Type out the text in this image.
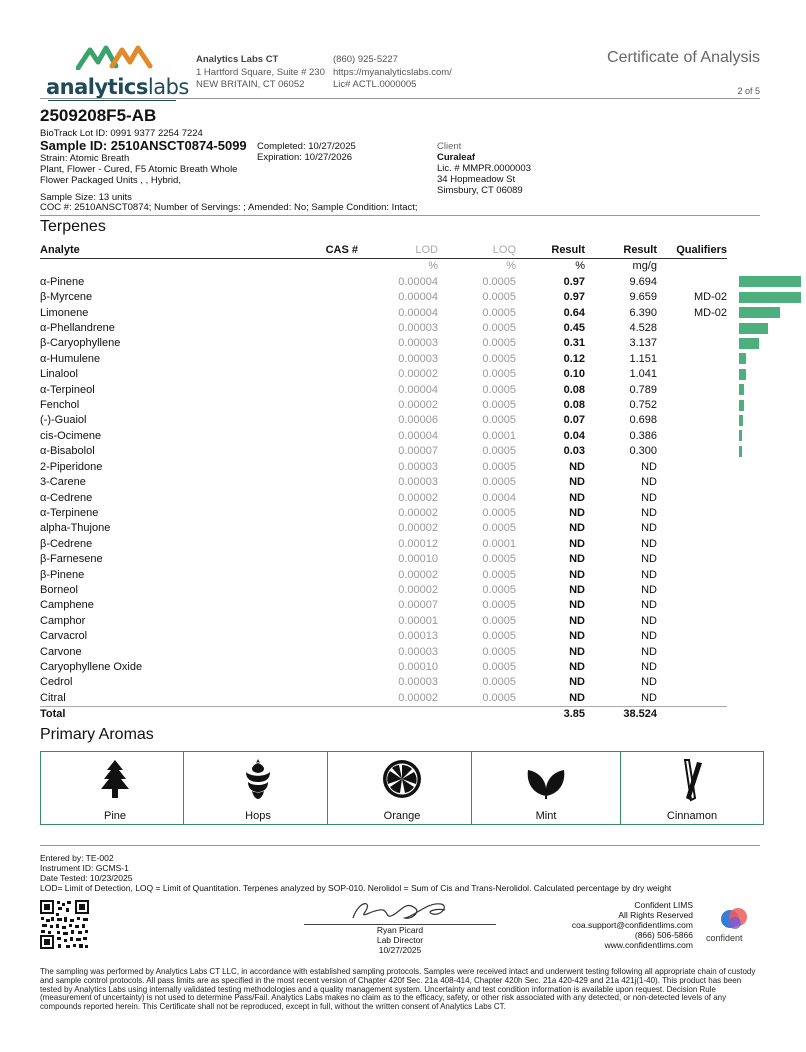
analyticslabs
Analytics Labs CT
1 Hartford Square, Suite # 230
NEW BRITAIN, CT 06052
(860) 925-5227
https://myanalyticslabs.com/
Lic# ACTL.0000005
Certificate of Analysis
2 of 5
2509208F5-AB
BioTrack Lot ID: 0991 9377 2254 7224
Sample ID: 2510ANSCT0874-5099
Strain: Atomic Breath
Plant, Flower - Cured, F5 Atomic Breath Whole
Flower Packaged Units , , Hybrid,
Completed: 10/27/2025
Expiration: 10/27/2026
Client
Curaleaf
Lic. # MMPR.0000003
34 Hopmeadow St
Simsbury, CT 06089
Sample Size: 13 units
COC #: 2510ANSCT0874; Number of Servings: ; Amended: No; Sample Condition: Intact;
Terpenes
Analyte	CAS #	LOD	LOQ	Result	Result	Qualifiers	
		%	%	%	mg/g		
α-Pinene		0.00004	0.0005	0.97	9.694		
β-Myrcene		0.00004	0.0005	0.97	9.659	MD-02	
Limonene		0.00004	0.0005	0.64	6.390	MD-02	
α-Phellandrene		0.00003	0.0005	0.45	4.528		
β-Caryophyllene		0.00003	0.0005	0.31	3.137		
α-Humulene		0.00003	0.0005	0.12	1.151		
Linalool		0.00002	0.0005	0.10	1.041		
α-Terpineol		0.00004	0.0005	0.08	0.789		
Fenchol		0.00002	0.0005	0.08	0.752		
(-)-Guaiol		0.00006	0.0005	0.07	0.698		
cis-Ocimene		0.00004	0.0001	0.04	0.386		
α-Bisabolol		0.00007	0.0005	0.03	0.300		
2-Piperidone		0.00003	0.0005	ND	ND		
3-Carene		0.00003	0.0005	ND	ND		
α-Cedrene		0.00002	0.0004	ND	ND		
α-Terpinene		0.00002	0.0005	ND	ND		
alpha-Thujone		0.00002	0.0005	ND	ND		
β-Cedrene		0.00012	0.0001	ND	ND		
β-Farnesene		0.00010	0.0005	ND	ND		
β-Pinene		0.00002	0.0005	ND	ND		
Borneol		0.00002	0.0005	ND	ND		
Camphene		0.00007	0.0005	ND	ND		
Camphor		0.00001	0.0005	ND	ND		
Carvacrol		0.00013	0.0005	ND	ND		
Carvone		0.00003	0.0005	ND	ND		
Caryophyllene Oxide		0.00010	0.0005	ND	ND		
Cedrol		0.00003	0.0005	ND	ND		
Citral		0.00002	0.0005	ND	ND		
Total				3.85	38.524		
Primary Aromas
Pine	Hops	Orange	Mint	Cinnamon
Entered by: TE-002
Instrument ID: GCMS-1
Date Tested: 10/23/2025
LOD= Limit of Detection, LOQ = Limit of Quantitation. Terpenes analyzed by SOP-010. Nerolidol = Sum of Cis and Trans-Nerolidol. Calculated percentage by dry weight
Ryan Picard
Lab Director
10/27/2025
Confident LIMS
All Rights Reserved
coa.support@confidentlims.com
(866) 506-5866
www.confidentlims.com
confident
The sampling was performed by Analytics Labs CT LLC, in accordance with established sampling protocols. Samples were received intact and underwent testing following all appropriate chain of custody and sample control protocols. All pass limits are as specified in the most recent version of Chapter 420f Sec. 21a 408-414, Chapter 420h Sec. 21a 420-429 and 21a 421j(1-40). This product has been tested by Analytics Labs using internally validated testing methodologies and a quality management system. Uncertainty and test condition information is available upon request. Decision Rule (measurement of uncertainty) is not used to determine Pass/Fail. Analytics Labs makes no claim as to the efficacy, safety, or other risk associated with any detected, or non-detected levels of any compounds reported herein. This Certificate shall not be reproduced, except in full, without the written consent of Analytics Labs CT.
